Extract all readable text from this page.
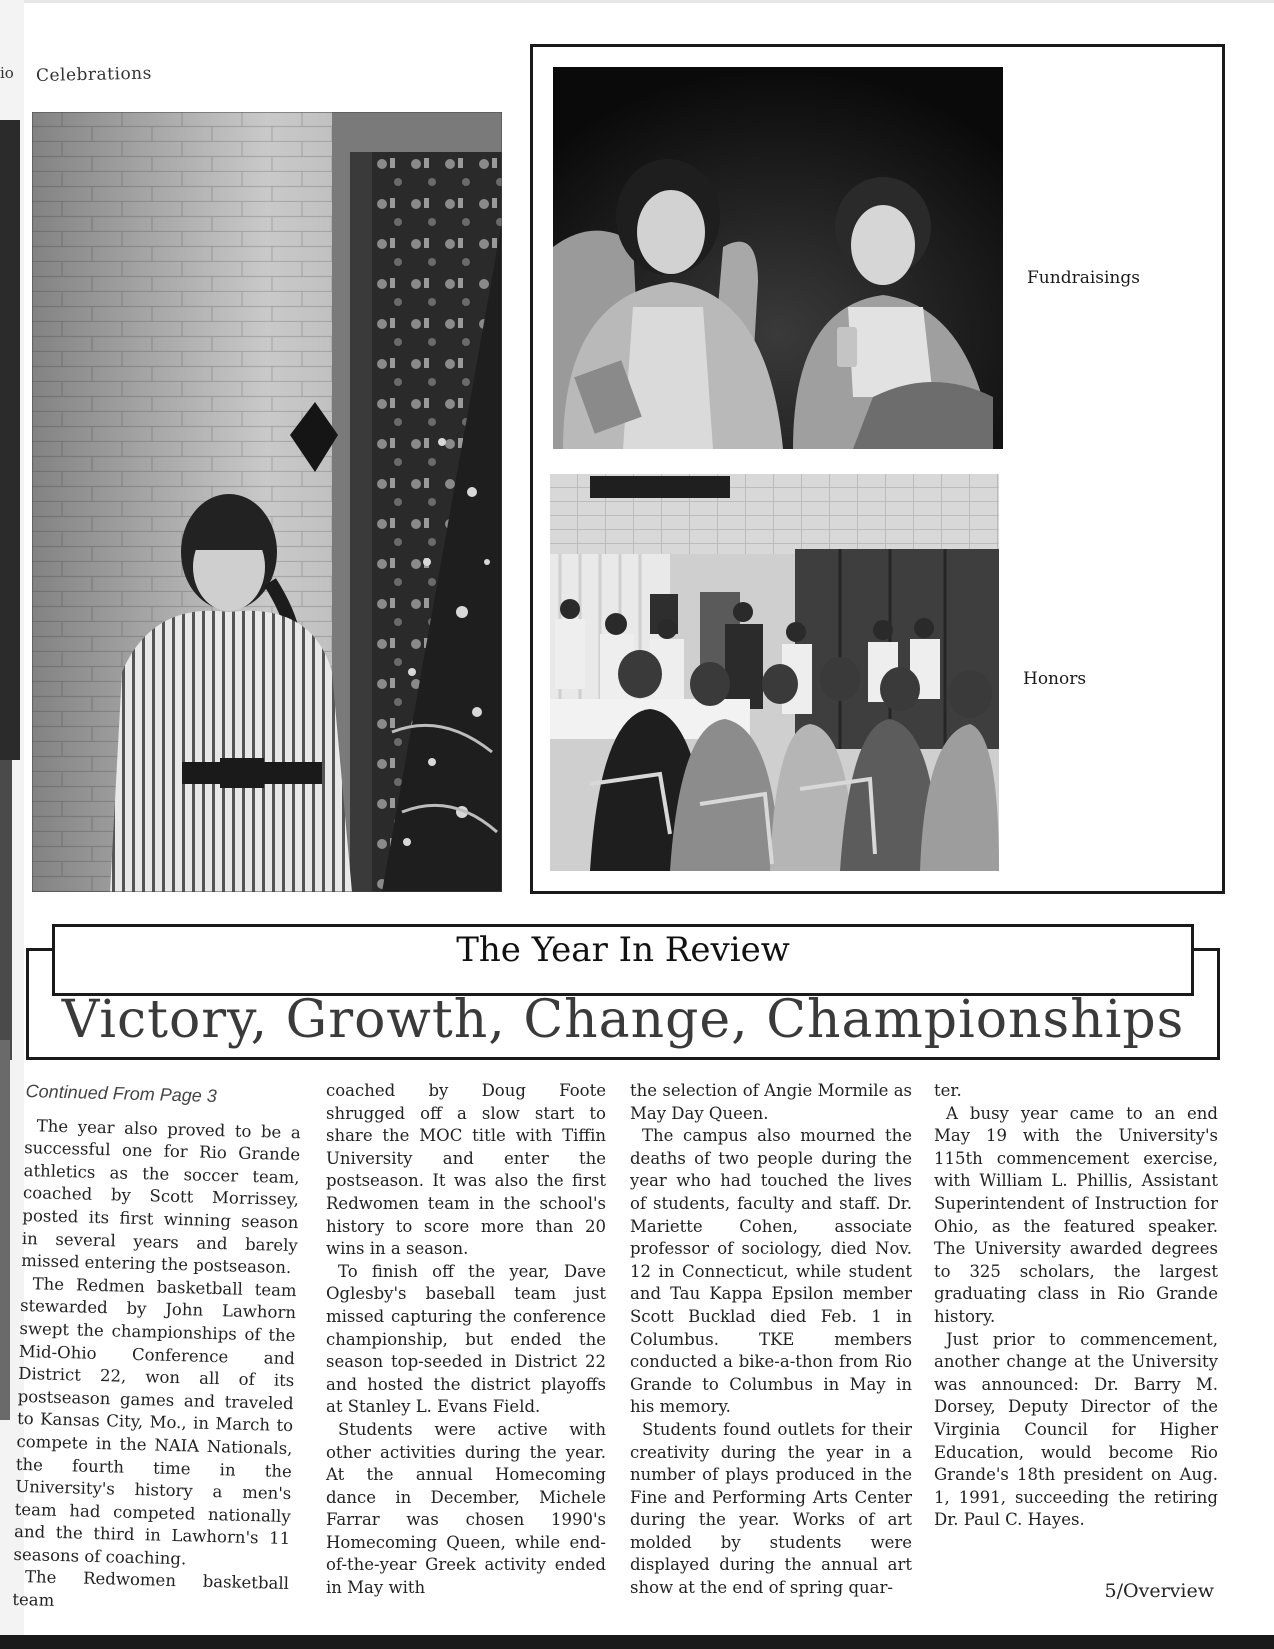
io Celebrations
Fundraisings
Honors
The Year In Review
Victory, Growth, Change, Championships
Continued From Page 3

The year also proved to be a successful one for Rio Grande athletics as the soccer team, coached by Scott Morrissey, posted its first winning season in several years and barely missed entering the postseason.

The Redmen basketball team stewarded by John Lawhorn swept the championships of the Mid-Ohio Conference and District 22, won all of its postseason games and traveled to Kansas City, Mo., in March to compete in the NAIA Nationals, the fourth time in the University's history a men's team had competed nationally and the third in Lawhorn's 11 seasons of coaching.

The Redwomen basketball team

coached by Doug Foote shrugged off a slow start to share the MOC title with Tiffin University and enter the postseason. It was also the first Redwomen team in the school's history to score more than 20 wins in a season.

To finish off the year, Dave Oglesby's baseball team just missed capturing the conference championship, but ended the season top-seeded in District 22 and hosted the district playoffs at Stanley L. Evans Field.

Students were active with other activities during the year. At the annual Homecoming dance in December, Michele Farrar was chosen 1990's Homecoming Queen, while end-of-the-year Greek activity ended in May with

the selection of Angie Mormile as May Day Queen.

The campus also mourned the deaths of two people during the year who had touched the lives of students, faculty and staff. Dr. Mariette Cohen, associate professor of sociology, died Nov. 12 in Connecticut, while student and Tau Kappa Epsilon member Scott Bucklad died Feb. 1 in Columbus. TKE members conducted a bike-a-thon from Rio Grande to Columbus in May in his memory.

Students found outlets for their creativity during the year in a number of plays produced in the Fine and Performing Arts Center during the year. Works of art molded by students were displayed during the annual art show at the end of spring quar-

ter.

A busy year came to an end May 19 with the University's 115th commencement exercise, with William L. Phillis, Assistant Superintendent of Instruction for Ohio, as the featured speaker. The University awarded degrees to 325 scholars, the largest graduating class in Rio Grande history.

Just prior to commencement, another change at the University was announced: Dr. Barry M. Dorsey, Deputy Director of the Virginia Council for Higher Education, would become Rio Grande's 18th president on Aug. 1, 1991, succeeding the retiring Dr. Paul C. Hayes.

5/Overview
